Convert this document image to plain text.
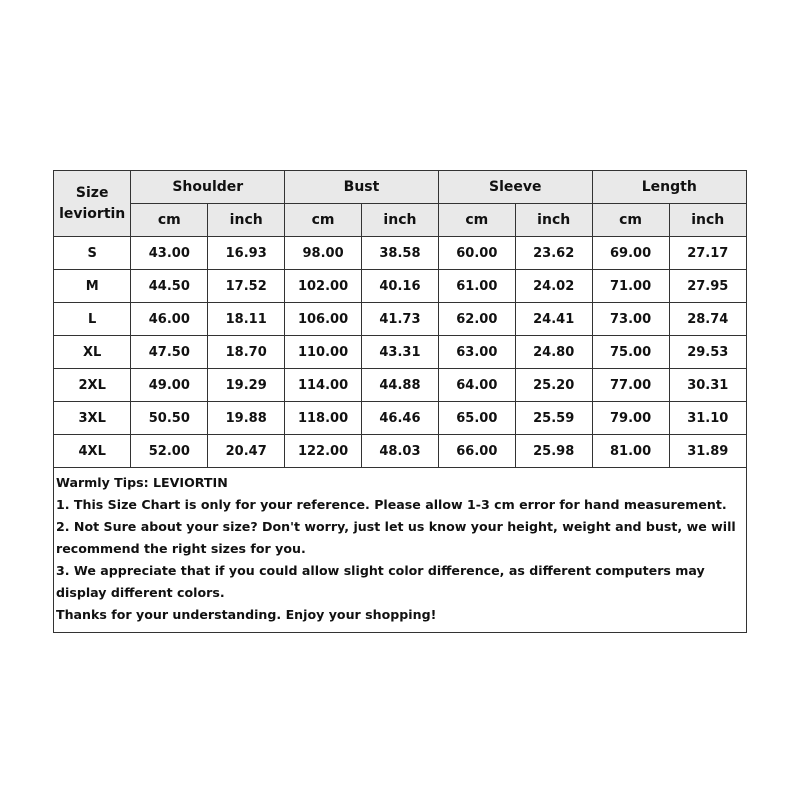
Size
leviortin	Shoulder		Bust		Sleeve		Length	
	cm	inch	cm	inch	cm	inch	cm	inch
S	43.00	16.93	98.00	38.58	60.00	23.62	69.00	27.17
M	44.50	17.52	102.00	40.16	61.00	24.02	71.00	27.95
L	46.00	18.11	106.00	41.73	62.00	24.41	73.00	28.74
XL	47.50	18.70	110.00	43.31	63.00	24.80	75.00	29.53
2XL	49.00	19.29	114.00	44.88	64.00	25.20	77.00	30.31
3XL	50.50	19.88	118.00	46.46	65.00	25.59	79.00	31.10
4XL	52.00	20.47	122.00	48.03	66.00	25.98	81.00	31.89
Warmly Tips: LEVIORTIN
1. This Size Chart is only for your reference. Please allow 1-3 cm error for hand measurement.
2. Not Sure about your size? Don't worry, just let us know your height, weight and bust, we will recommend the right sizes for you.
3. We appreciate that if you could allow slight color difference, as different computers may display different colors.
Thanks for your understanding. Enjoy your shopping!
